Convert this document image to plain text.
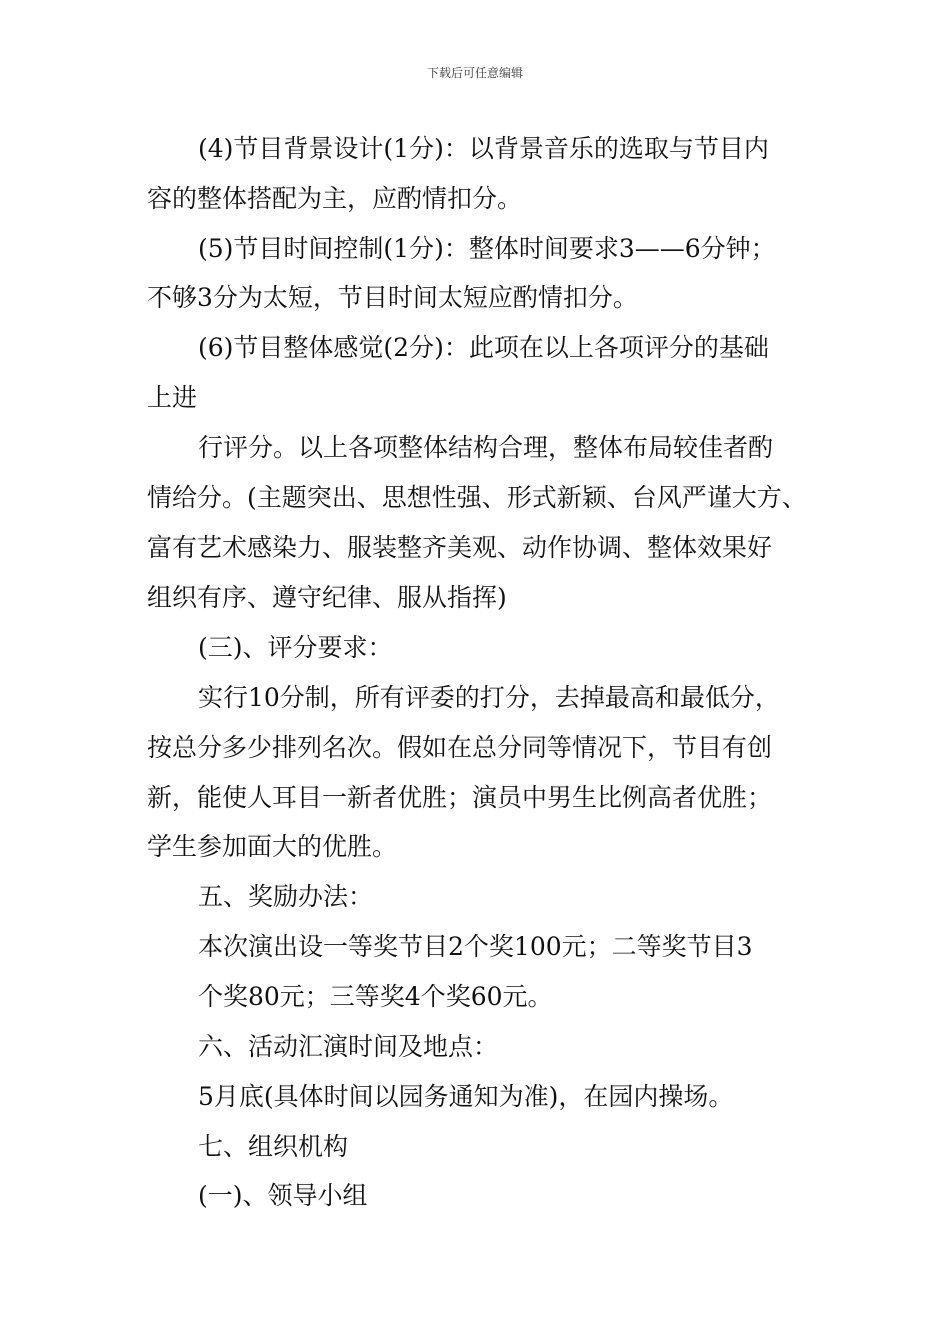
下载后可任意编辑
(4)节目背景设计(1分)：以背景音乐的选取与节目内
容的整体搭配为主，应酌情扣分。
(5)节目时间控制(1分)：整体时间要求3——6分钟；
不够3分为太短，节目时间太短应酌情扣分。
(6)节目整体感觉(2分)：此项在以上各项评分的基础
上进
行评分。以上各项整体结构合理，整体布局较佳者酌
情给分。(主题突出、思想性强、形式新颖、台风严谨大方、
富有艺术感染力、服装整齐美观、动作协调、整体效果好
组织有序、遵守纪律、服从指挥)
(三)、评分要求：
实行10分制，所有评委的打分，去掉最高和最低分，
按总分多少排列名次。假如在总分同等情况下，节目有创
新，能使人耳目一新者优胜；演员中男生比例高者优胜；
学生参加面大的优胜。
五、奖励办法：
本次演出设一等奖节目2个奖100元；二等奖节目3
个奖80元；三等奖4个奖60元。
六、活动汇演时间及地点：
5月底(具体时间以园务通知为准)，在园内操场。
七、组织机构
(一)、领导小组
